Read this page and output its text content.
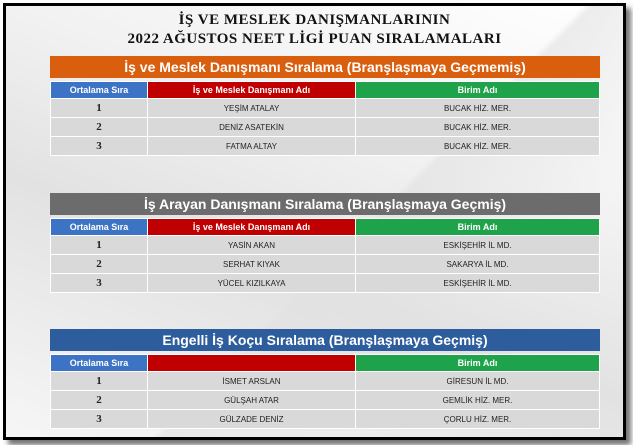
İŞ VE MESLEK DANIŞMANLARININ
2022 AĞUSTOS NEET LİGİ PUAN SIRALAMALARI
İş ve Meslek Danışmanı Sıralama (Branşlaşmaya Geçmemiş)
Ortalama Sıra	İş ve Meslek Danışmanı Adı	Birim Adı
1	YEŞİM ATALAY	BUCAK HİZ. MER.
2	DENİZ ASATEKİN	BUCAK HİZ. MER.
3	FATMA ALTAY	BUCAK HİZ. MER.
İş Arayan Danışmanı Sıralama (Branşlaşmaya Geçmiş)
Ortalama Sıra	İş ve Meslek Danışmanı Adı	Birim Adı
1	YASİN AKAN	ESKİŞEHİR İL MD.
2	SERHAT KIYAK	SAKARYA İL MD.
3	YÜCEL KIZILKAYA	ESKİŞEHİR İL MD.
Engelli İş Koçu Sıralama (Branşlaşmaya Geçmiş)
Ortalama Sıra		Birim Adı
1	İSMET ARSLAN	GİRESUN İL MD.
2	GÜLŞAH ATAR	GEMLİK HİZ. MER.
3	GÜLZADE DENİZ	ÇORLU HİZ. MER.
